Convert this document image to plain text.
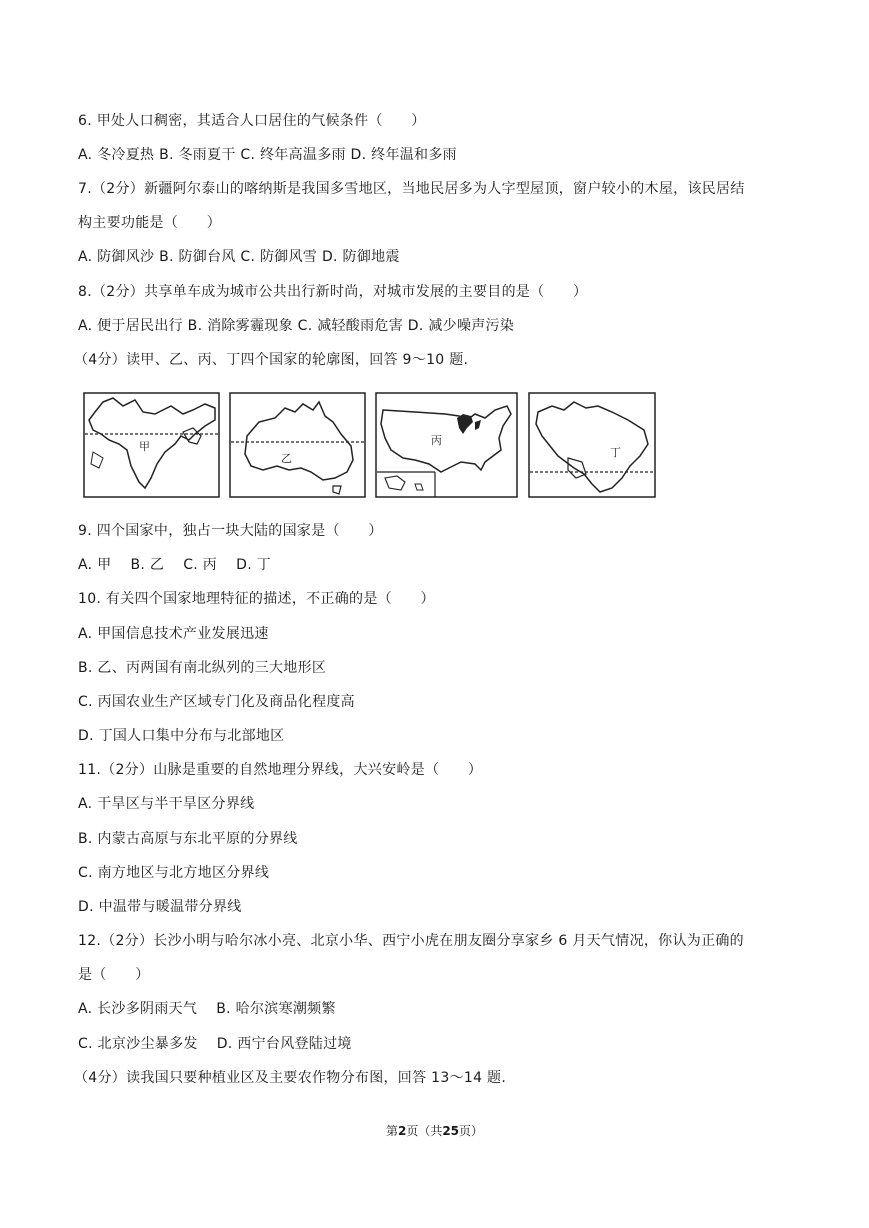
6. 甲处人口稠密，其适合人口居住的气候条件（　　）
A. 冬冷夏热 B. 冬雨夏干 C. 终年高温多雨 D. 终年温和多雨
7.（2分）新疆阿尔泰山的喀纳斯是我国多雪地区，当地民居多为人字型屋顶，窗户较小的木屋，该民居结
构主要功能是（　　）
A. 防御风沙 B. 防御台风 C. 防御风雪 D. 防御地震
8.（2分）共享单车成为城市公共出行新时尚，对城市发展的主要目的是（　　）
A. 便于居民出行 B. 消除雾霾现象 C. 减轻酸雨危害 D. 减少噪声污染
（4分）读甲、乙、丙、丁四个国家的轮廓图，回答 9～10 题.
甲
乙
丙
丁
9. 四个国家中，独占一块大陆的国家是（　　）
A. 甲　 B. 乙　 C. 丙　 D. 丁
10. 有关四个国家地理特征的描述，不正确的是（　　）
A. 甲国信息技术产业发展迅速
B. 乙、丙两国有南北纵列的三大地形区
C. 丙国农业生产区域专门化及商品化程度高
D. 丁国人口集中分布与北部地区
11.（2分）山脉是重要的自然地理分界线，大兴安岭是（　　）
A. 干旱区与半干旱区分界线
B. 内蒙古高原与东北平原的分界线
C. 南方地区与北方地区分界线
D. 中温带与暖温带分界线
12.（2分）长沙小明与哈尔冰小亮、北京小华、西宁小虎在朋友圈分享家乡 6 月天气情况，你认为正确的
是（　　）
A. 长沙多阴雨天气　 B. 哈尔滨寒潮频繁
C. 北京沙尘暴多发　 D. 西宁台风登陆过境
（4分）读我国只要种植业区及主要农作物分布图，回答 13～14 题.
第2页（共25页）
